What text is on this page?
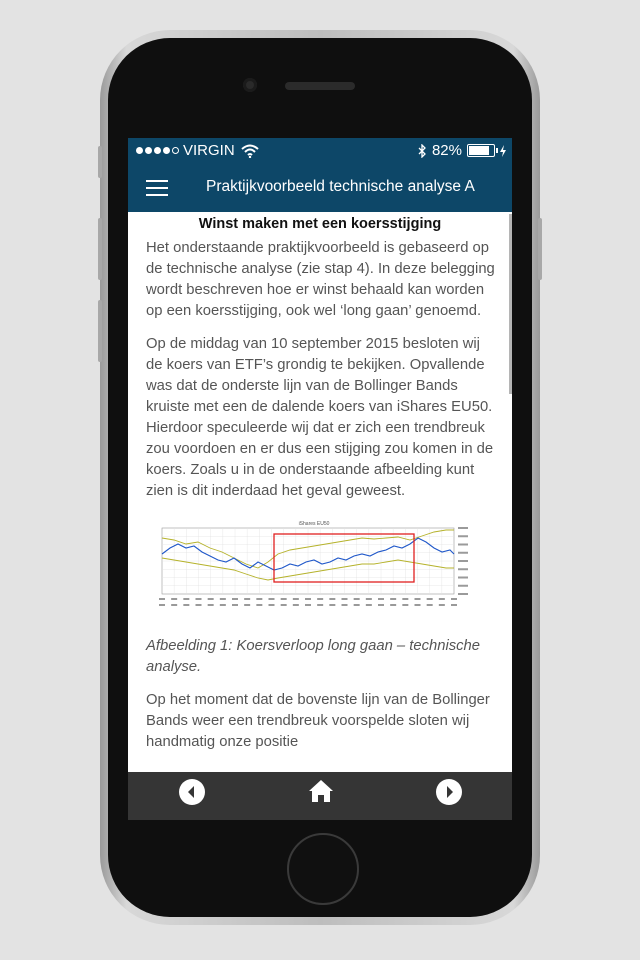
VIRGIN	82%
Praktijkvoorbeeld technische analyse A
Winst maken met een koersstijging

Het onderstaande praktijkvoorbeeld is gebaseerd op de technische analyse (zie stap 4). In deze belegging wordt beschreven hoe er winst behaald kan worden op een koersstijging, ook wel ‘long gaan’ genoemd.

Op de middag van 10 september 2015 besloten wij de koers van ETF’s grondig te bekijken. Opvallende was dat de onderste lijn van de Bollinger Bands kruiste met een de dalende koers van iShares EU50. Hierdoor speculeerde wij dat er zich een trendbreuk zou voordoen en er dus een stijging zou komen in de koers. Zoals u in de onderstaande afbeelding kunt zien is dit inderdaad het geval geweest.

iShares EU50

Afbeelding 1: Koersverloop long gaan – technische analyse.

Op het moment dat de bovenste lijn van de Bollinger Bands weer een trendbreuk voorspelde sloten wij handmatig onze positie
